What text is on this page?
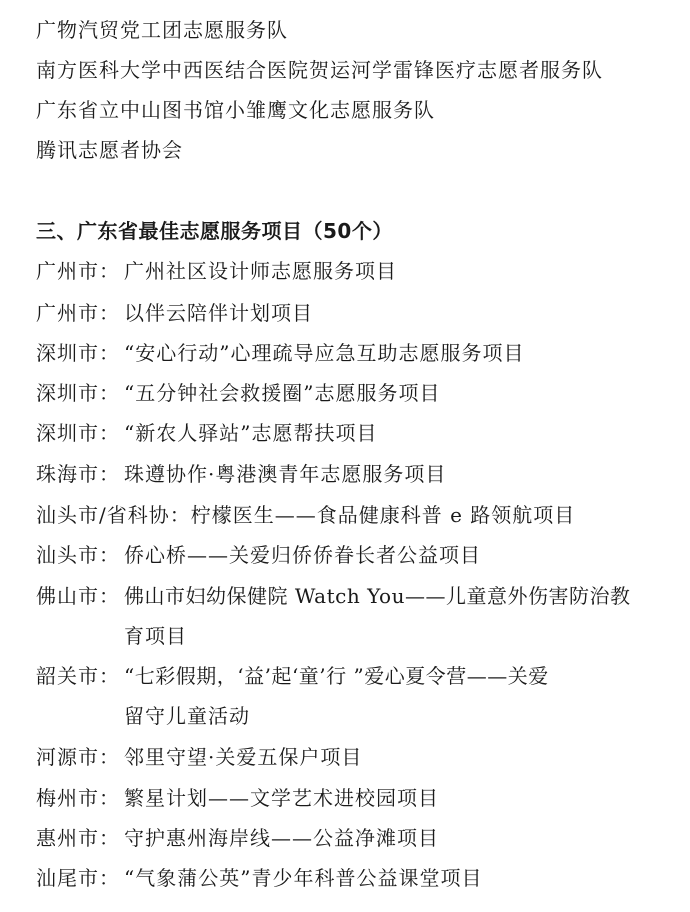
广物汽贸党工团志愿服务队
南方医科大学中西医结合医院贺运河学雷锋医疗志愿者服务队
广东省立中山图书馆小雏鹰文化志愿服务队
腾讯志愿者协会
三、广东省最佳志愿服务项目（50个）
广州市： 广州社区设计师志愿服务项目
广州市： 以伴云陪伴计划项目
深圳市： “安心行动”心理疏导应急互助志愿服务项目
深圳市： “五分钟社会救援圈”志愿服务项目
深圳市： “新农人驿站”志愿帮扶项目
珠海市： 珠遵协作·粤港澳青年志愿服务项目
汕头市/省科协： 柠檬医生——食品健康科普 e 路领航项目
汕头市： 侨心桥——关爱归侨侨眷长者公益项目
佛山市： 佛山市妇幼保健院 Watch You——儿童意外伤害防治教
育项目
韶关市： “七彩假期，‘益’起‘童’行 ”爱心夏令营——关爱
留守儿童活动
河源市： 邻里守望·关爱五保户项目
梅州市： 繁星计划——文学艺术进校园项目
惠州市： 守护惠州海岸线——公益净滩项目
汕尾市： “气象蒲公英”青少年科普公益课堂项目
